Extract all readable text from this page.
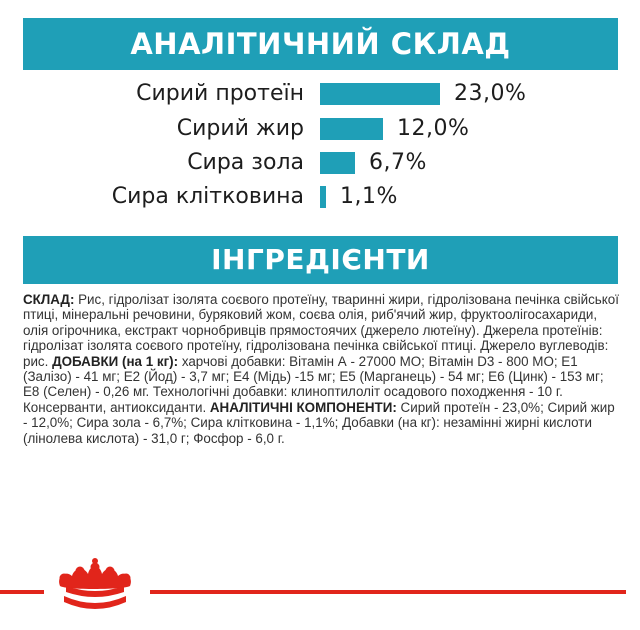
АНАЛІТИЧНИЙ СКЛАД
Сирий протеїн	23,0%
Сирий жир	12,0%
Сира зола	6,7%
Сира клітковина 1,1%
ІНГРЕДІЄНТИ

СКЛАД: Рис, гідролізат ізолята соєвого протеїну, тваринні жири, гідролізована печінка свійської птиці, мінеральні речовини, буряковий жом, соєва олія, риб'ячий жир, фруктоолігосахариди, олія огірочника, екстракт чорнобривців прямостоячих (джерело лютеїну). Джерела протеїнів: гідролізат ізолята соєвого протеїну, гідролізована печінка свійської птиці. Джерело вуглеводів: рис. ДОБАВКИ (на 1 кг): харчові добавки: Вітамін А - 27000 МО; Вітамін D3 - 800 МО; Е1 (Залізо) - 41 мг; Е2 (Йод) - 3,7 мг; Е4 (Мідь) -15 мг; Е5 (Марганець) - 54 мг; Е6 (Цинк) - 153 мг; Е8 (Селен) - 0,26 мг. Технологічні добавки: клиноптилоліт осадового походження - 10 г. Консерванти, антиоксиданти. АНАЛІТИЧНІ КОМПОНЕНТИ: Сирий протеїн - 23,0%; Сирий жир - 12,0%; Сира зола - 6,7%; Сира клітковина - 1,1%; Добавки (на кг): незамінні жирні кислоти (лінолева кислота) - 31,0 г; Фосфор - 6,0 г.
